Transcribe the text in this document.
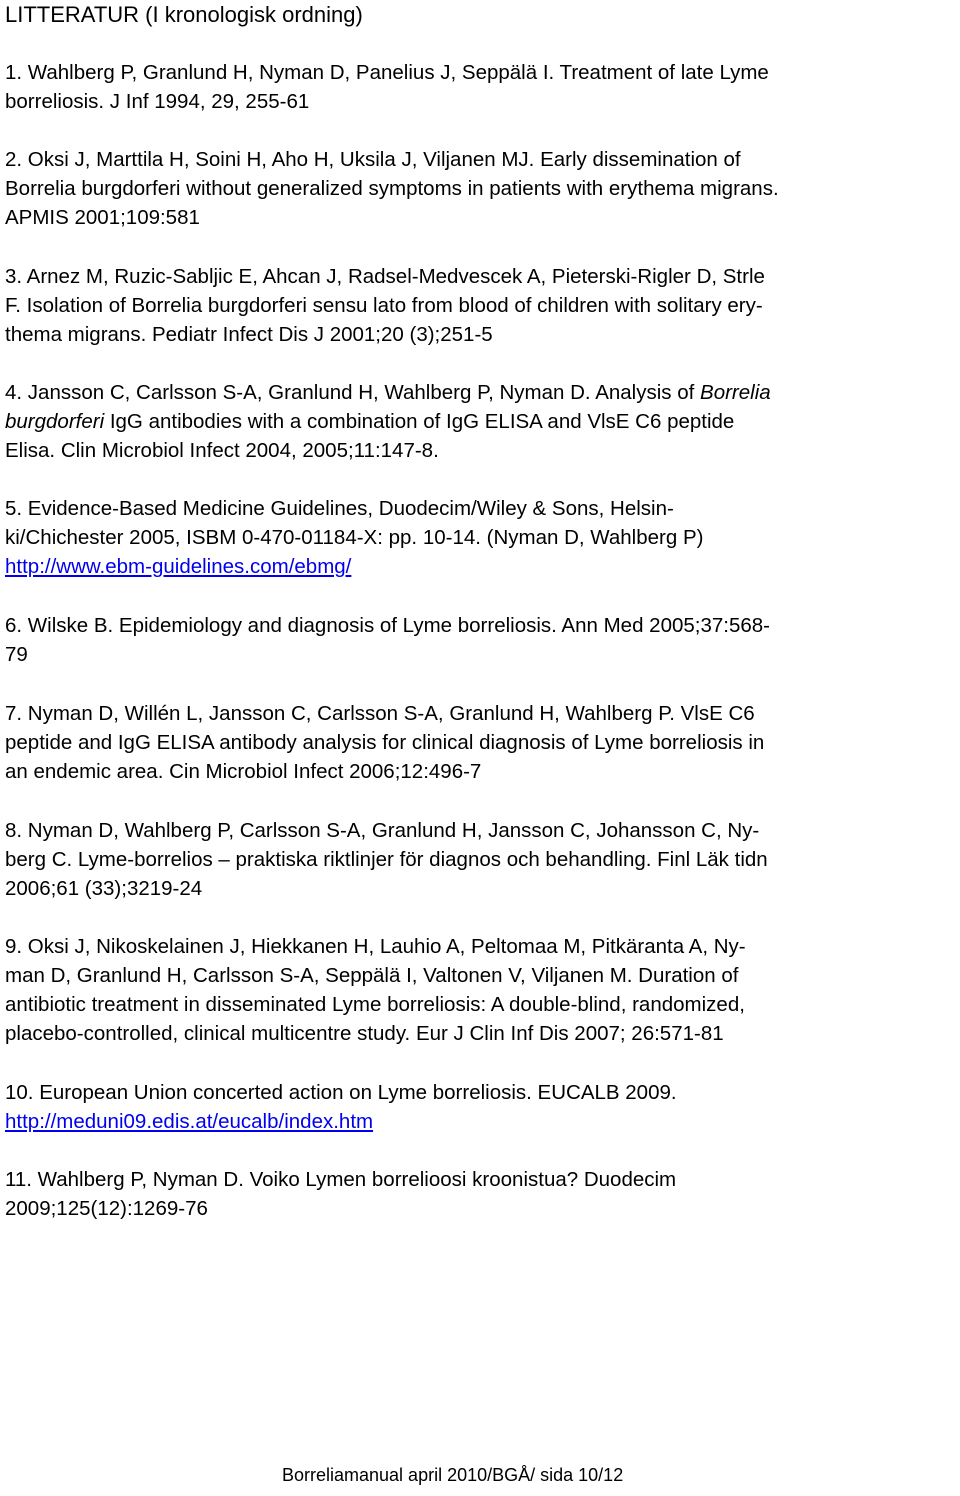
LITTERATUR (I kronologisk ordning)
1. Wahlberg P, Granlund H, Nyman D, Panelius J, Seppälä I. Treatment of late Lyme
borreliosis. J Inf 1994, 29, 255-61
2. Oksi J, Marttila H, Soini H, Aho H, Uksila J, Viljanen MJ. Early dissemination of
Borrelia burgdorferi without generalized symptoms in patients with erythema migrans.
APMIS 2001;109:581
3. Arnez M, Ruzic-Sabljic E, Ahcan J, Radsel-Medvescek A, Pieterski-Rigler D, Strle
F. Isolation of Borrelia burgdorferi sensu lato from blood of children with solitary ery-
thema migrans. Pediatr Infect Dis J 2001;20 (3);251-5
4. Jansson C, Carlsson S-A, Granlund H, Wahlberg P, Nyman D. Analysis of Borrelia
burgdorferi IgG antibodies with a combination of IgG ELISA and VlsE C6 peptide
Elisa. Clin Microbiol Infect 2004, 2005;11:147-8.
5. Evidence-Based Medicine Guidelines, Duodecim/Wiley & Sons, Helsin-
ki/Chichester 2005, ISBM 0-470-01184-X: pp. 10-14. (Nyman D, Wahlberg P)
http://www.ebm-guidelines.com/ebmg/
6. Wilske B. Epidemiology and diagnosis of Lyme borreliosis. Ann Med 2005;37:568-
79
7. Nyman D, Willén L, Jansson C, Carlsson S-A, Granlund H, Wahlberg P. VlsE C6
peptide and IgG ELISA antibody analysis for clinical diagnosis of Lyme borreliosis in
an endemic area. Cin Microbiol Infect 2006;12:496-7
8. Nyman D, Wahlberg P, Carlsson S-A, Granlund H, Jansson C, Johansson C, Ny-
berg C. Lyme-borrelios – praktiska riktlinjer för diagnos och behandling. Finl Läk tidn
2006;61 (33);3219-24
9. Oksi J, Nikoskelainen J, Hiekkanen H, Lauhio A, Peltomaa M, Pitkäranta A, Ny-
man D, Granlund H, Carlsson S-A, Seppälä I, Valtonen V, Viljanen M. Duration of
antibiotic treatment in disseminated Lyme borreliosis: A double-blind, randomized,
placebo-controlled, clinical multicentre study. Eur J Clin Inf Dis 2007; 26:571-81
10. European Union concerted action on Lyme borreliosis. EUCALB 2009.
http://meduni09.edis.at/eucalb/index.htm
11. Wahlberg P, Nyman D. Voiko Lymen borrelioosi kroonistua? Duodecim
2009;125(12):1269-76
Borreliamanual april 2010/BGÅ/ sida 10/12
